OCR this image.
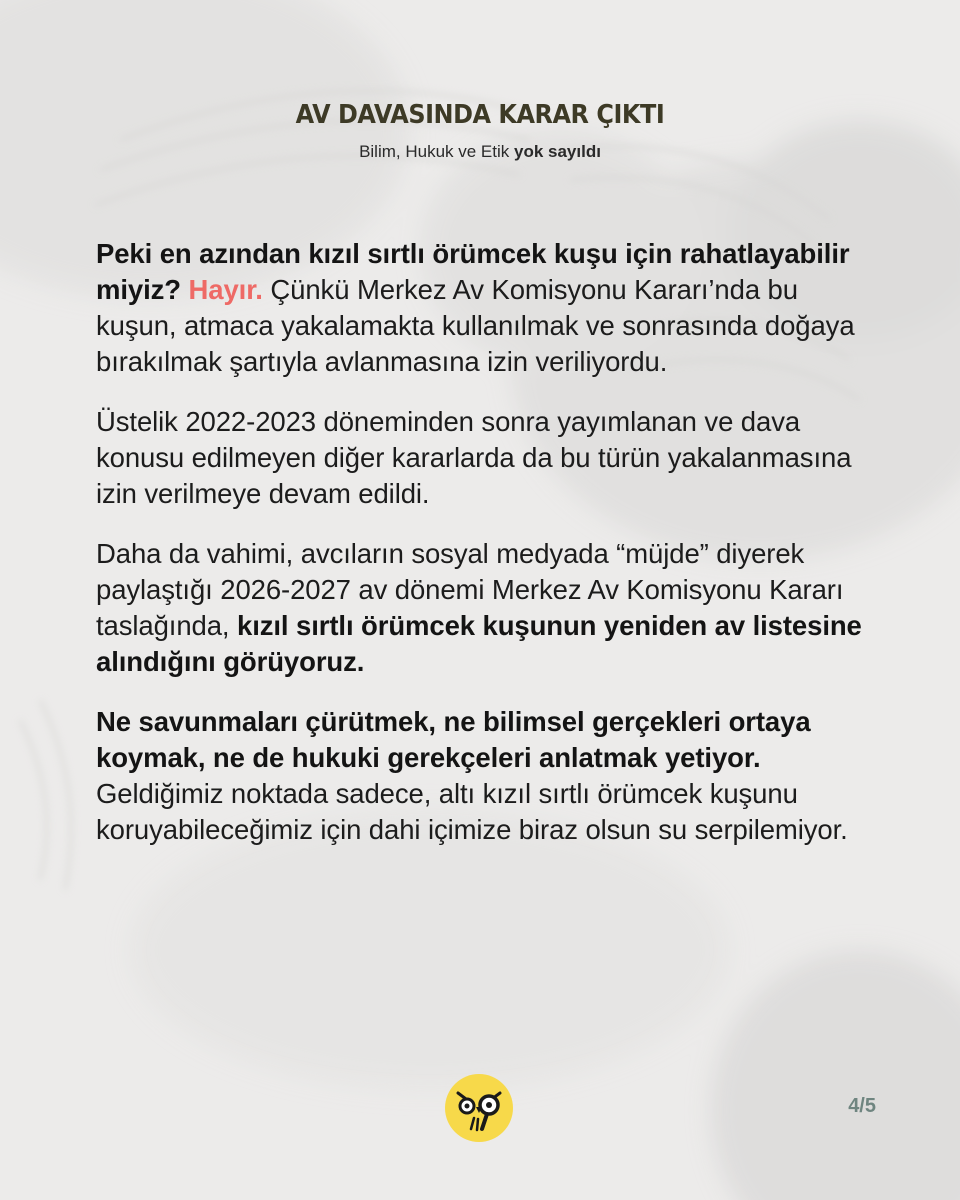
AV DAVASINDA KARAR ÇIKTI
Bilim, Hukuk ve Etik yok sayıldı

Peki en azından kızıl sırtlı örümcek kuşu için rahatlayabilir miyiz? Hayır. Çünkü Merkez Av Komisyonu Kararı’nda bu kuşun, atmaca yakalamakta kullanılmak ve sonrasında doğaya bırakılmak şartıyla avlanmasına izin veriliyordu.

Üstelik 2022-2023 döneminden sonra yayımlanan ve dava konusu edilmeyen diğer kararlarda da bu türün yakalanmasına izin verilmeye devam edildi.

Daha da vahimi, avcıların sosyal medyada “müjde” diyerek paylaştığı 2026-2027 av dönemi Merkez Av Komisyonu Kararı taslağında, kızıl sırtlı örümcek kuşunun yeniden av listesine alındığını görüyoruz.

Ne savunmaları çürütmek, ne bilimsel gerçekleri ortaya koymak, ne de hukuki gerekçeleri anlatmak yetiyor. Geldiğimiz noktada sadece, altı kızıl sırtlı örümcek kuşunu koruyabileceğimiz için dahi içimize biraz olsun su serpilemiyor.

4/5
